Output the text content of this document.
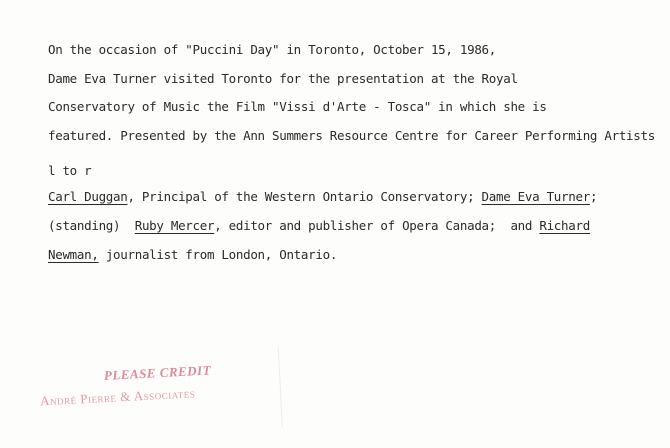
On the occasion of "Puccini Day" in Toronto, October 15, 1986,
Dame Eva Turner visited Toronto for the presentation at the Royal
Conservatory of Music the Film "Vissi d'Arte - Tosca" in which she is
featured. Presented by the Ann Summers Resource Centre for Career Performing Artists
l to r
Carl Duggan, Principal of the Western Ontario Conservatory; Dame Eva Turner;
(standing)  Ruby Mercer, editor and publisher of Opera Canada;  and Richard
Newman, journalist from London, Ontario.
PLEASE CREDIT
André Pierre & Associates
